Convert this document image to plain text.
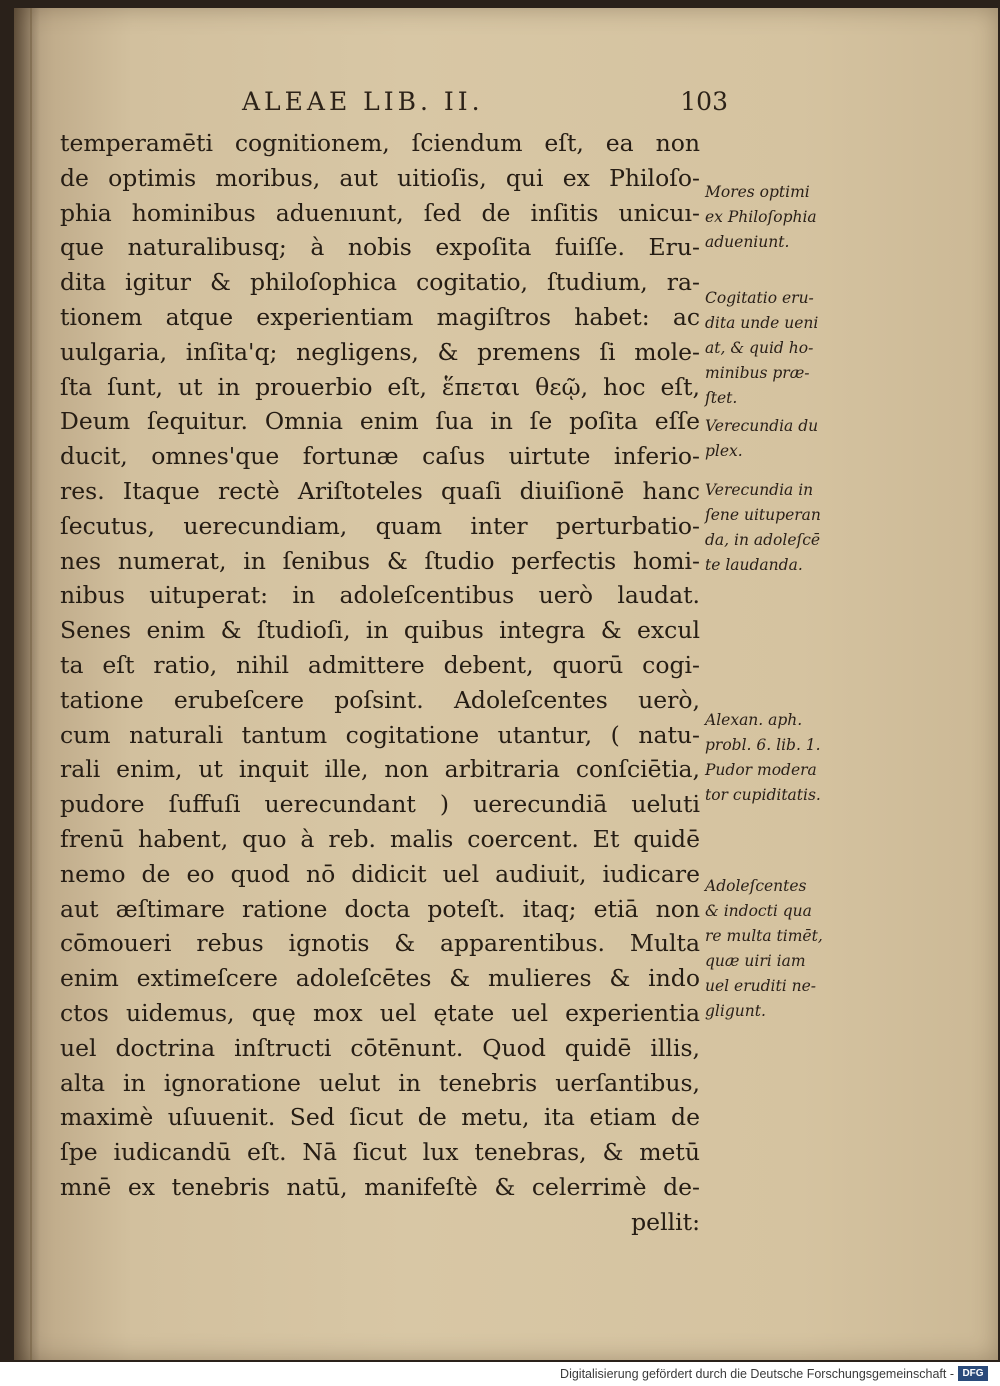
ALEAE LIB. II.	103
temperamēti cognitionem, ſciendum eſt, ea non
de optimis moribus, aut uitioſis, qui ex Philoſo-
phia hominibus aduenıunt, ſed de inſitis unicuı-
que naturalibusq; à nobis expoſita fuiſſe. Eru-
dita igitur & philoſophica cogitatio, ſtudium, ra-
tionem atque experientiam magiſtros habet: ac
uulgaria, inſita'q; negligens, & premens ſi mole-
ſta ſunt, ut in prouerbio eſt, ἕπεται θεῷ, hoc eſt,
Deum ſequitur. Omnia enim ſua in ſe poſita eſſe
ducit, omnes'que fortunæ caſus uirtute inferio-
res. Itaque rectè Ariſtoteles quaſi diuiſionē hanc
ſecutus, uerecundiam, quam inter perturbatio-
nes numerat, in ſenibus & ſtudio perfectis homi-
nibus uituperat: in adoleſcentibus uerò laudat.
Senes enim & ſtudioſi, in quibus integra & excul
ta eſt ratio, nihil admittere debent, quorū cogi-
tatione erubeſcere poſsint. Adoleſcentes uerò,
cum naturali tantum cogitatione utantur, ( natu-
rali enim, ut inquit ille, non arbitraria conſciētia,
pudore ſuffuſi uerecundant ) uerecundiā ueluti
frenū habent, quo à reb. malis coercent. Et quidē
nemo de eo quod nō didicit uel audiuit, iudicare
aut æſtimare ratione docta poteſt. itaq; etiā non
cōmoueri rebus ignotis & apparentibus. Multa
enim extimeſcere adoleſcētes & mulieres & indo
ctos uidemus, quę mox uel ętate uel experientia
uel doctrina inſtructi cōtēnunt. Quod quidē illis,
alta in ignoratione uelut in tenebris uerſantibus,
maximè uſuuenit. Sed ſicut de metu, ita etiam de
ſpe iudicandū eſt. Nā ſicut lux tenebras, & metū
mnē ex tenebris natū, manifeſtè & celerrimè de-
pellit:
Mores optimi
ex Philoſophia
adueniunt.
Cogitatio eru-
dita unde ueni
at, & quid ho-
minibus præ-
ſtet.
Verecundia du
plex.
Verecundia in
ſene uituperan
da, in adoleſcē
te laudanda.
Alexan. aph.
probl. 6. lib. 1.
Pudor modera
tor cupiditatis.
Adoleſcentes
& indocti qua
re multa timēt,
quæ uiri iam
uel eruditi ne-
gligunt.
Digitalisierung gefördert durch die Deutsche Forschungsgemeinschaft - DFG
